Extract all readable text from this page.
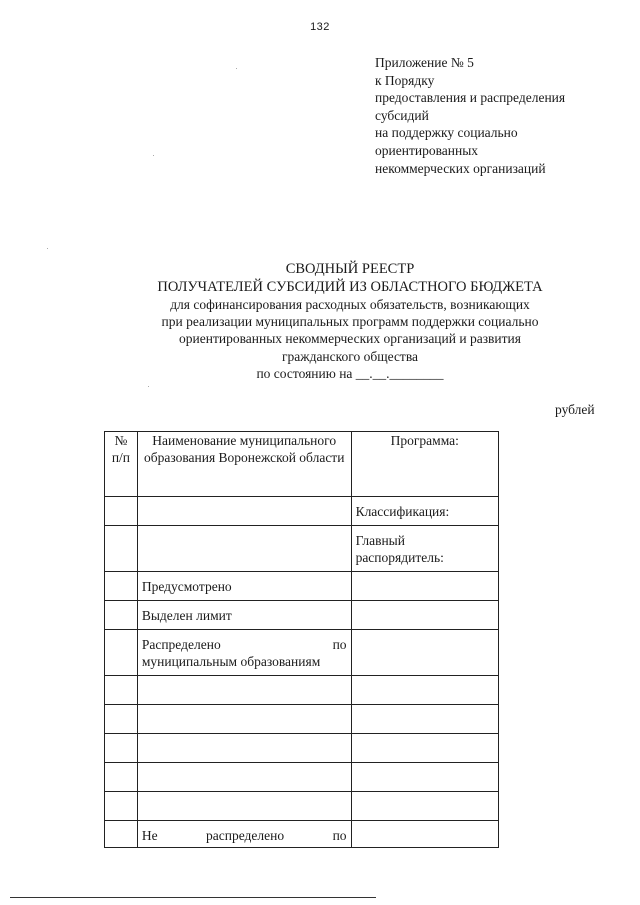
132
Приложение № 5
к Порядку
предоставления и распределения
субсидий
на поддержку социально
ориентированных
некоммерческих организаций
СВОДНЫЙ РЕЕСТР
ПОЛУЧАТЕЛЕЙ СУБСИДИЙ ИЗ ОБЛАСТНОГО БЮДЖЕТА
для софинансирования расходных обязательств, возникающих
при реализации муниципальных программ поддержки социально
ориентированных некоммерческих организаций и развития
гражданского общества
по состоянию на __.__.________
рублей
№ п/п	Наименование муниципального образования Воронежской области	Программа:
		Классификация:
		Главный распорядитель:
	Предусмотрено	
	Выделен лимит	

	Распределено по
муниципальным образованиям	

	Не распределено по	
